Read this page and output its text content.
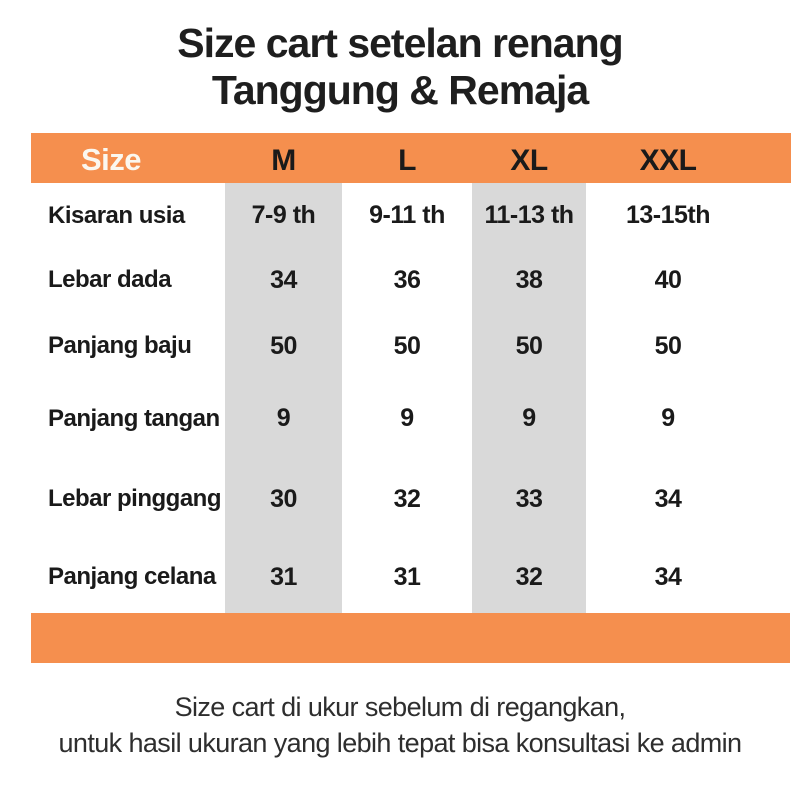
Size cart setelan renang
Tanggung & Remaja
Size	M	L	XL	XXL
Kisaran usia	7-9 th	9-11 th	11-13 th	13-15th
Lebar dada	34	36	38	40
Panjang baju	50	50	50	50
Panjang tangan	9	9	9	9
Lebar pinggang	30	32	33	34
Panjang celana	31	31	32	34
Size cart di ukur sebelum di regangkan,
untuk hasil ukuran yang lebih tepat bisa konsultasi ke admin
